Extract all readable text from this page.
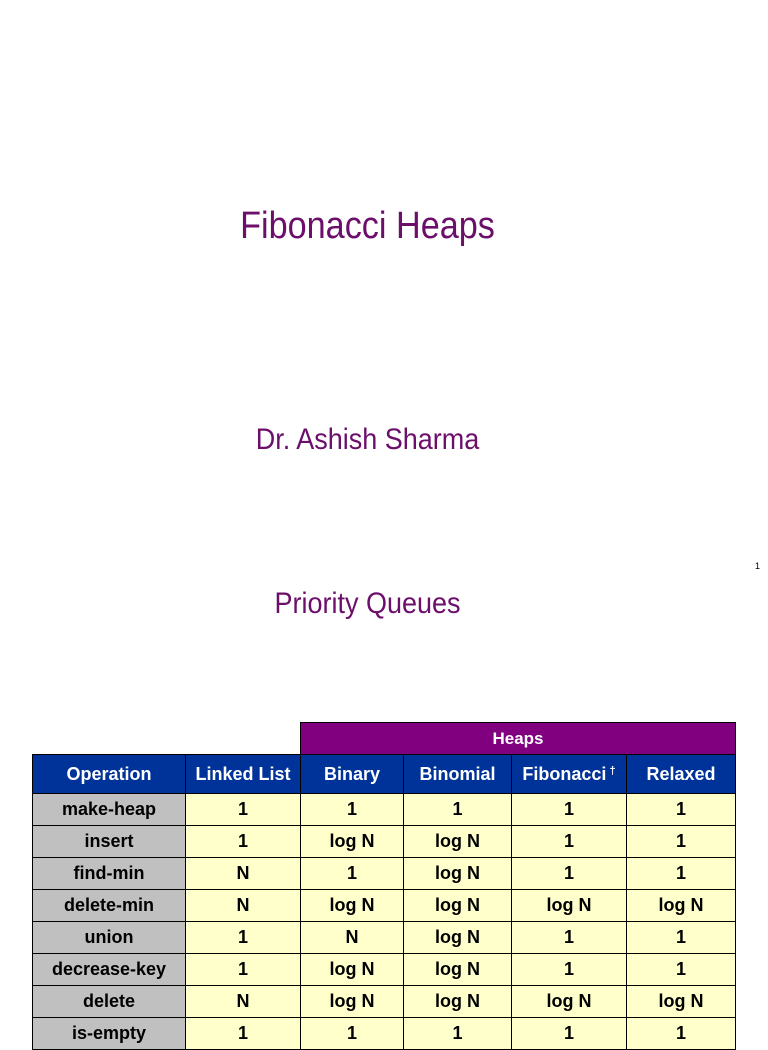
Fibonacci Heaps
Dr. Ashish Sharma
1
Priority Queues
		Heaps			
Operation	Linked List	Binary	Binomial	Fibonacci †	Relaxed
make-heap	1	1	1	1	1
insert	1	log N	log N	1	1
find-min	N	1	log N	1	1
delete-min	N	log N	log N	log N	log N
union	1	N	log N	1	1
decrease-key	1	log N	log N	1	1
delete	N	log N	log N	log N	log N
is-empty	1	1	1	1	1
